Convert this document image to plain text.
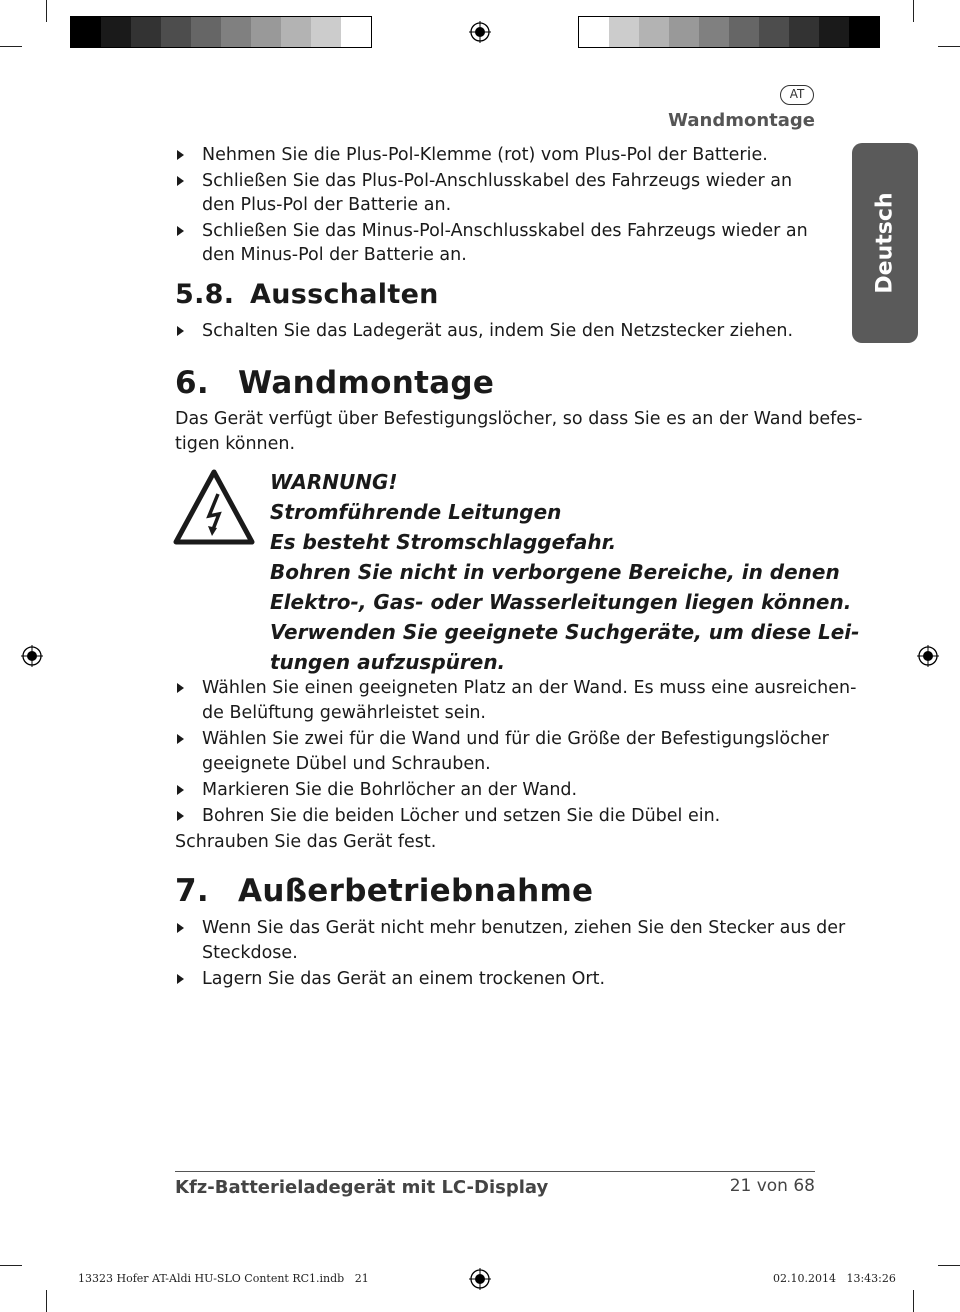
AT
Wandmontage
Deutsch
Nehmen Sie die Plus-Pol-Klemme (rot) vom Plus-Pol der Batterie.
Schließen Sie das Plus-Pol-Anschlusskabel des Fahrzeugs wieder an den Plus-Pol der Batterie an.
Schließen Sie das Minus-Pol-Anschlusskabel des Fahrzeugs wieder an den Minus-Pol der Batterie an.
5.8. Ausschalten
Schalten Sie das Ladegerät aus, indem Sie den Netzstecker ziehen.
6. Wandmontage
Das Gerät verfügt über Befestigungslöcher, so dass Sie es an der Wand befes-
tigen können.
WARNUNG!
Stromführende Leitungen
Es besteht Stromschlaggefahr.
Bohren Sie nicht in verborgene Bereiche, in denen
Elektro-, Gas- oder Wasserleitungen liegen können.
Verwenden Sie geeignete Suchgeräte, um diese Lei-
tungen aufzuspüren.
Wählen Sie einen geeigneten Platz an der Wand. Es muss eine ausreichen-
de Belüftung gewährleistet sein.
Wählen Sie zwei für die Wand und für die Größe der Befestigungslöcher
geeignete Dübel und Schrauben.
Markieren Sie die Bohrlöcher an der Wand.
Bohren Sie die beiden Löcher und setzen Sie die Dübel ein.
Schrauben Sie das Gerät fest.
7. Außerbetriebnahme
Wenn Sie das Gerät nicht mehr benutzen, ziehen Sie den Stecker aus der
Steckdose.
Lagern Sie das Gerät an einem trockenen Ort.
Kfz-Batterieladegerät mit LC-Display	21 von 68
13323 Hofer AT-Aldi HU-SLO Content RC1.indb   21	02.10.2014   13:43:26
